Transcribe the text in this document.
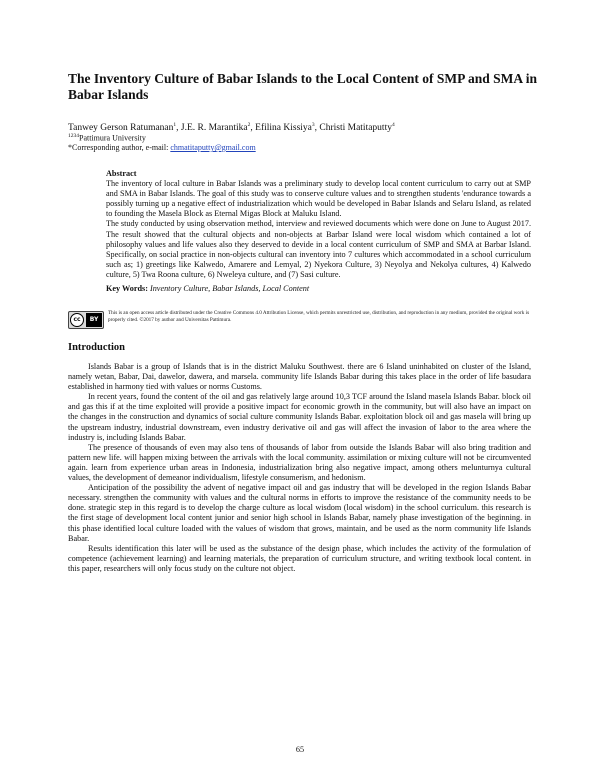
The Inventory Culture of Babar Islands to the Local Content of SMP and SMA in Babar Islands
Tanwey Gerson Ratumanan$^1$, J.E. R. Marantika$^2$, Efilina Kissiya$^3$, Christi Matitaputty$^4$
$^{1234}$Pattimura University
*Corresponding author, e-mail: chmatitaputty@gmail.com
Abstract

The inventory of local culture in Babar Islands was a preliminary study to develop local content curriculum to carry out at SMP and SMA in Babar Islands. The goal of this study was to conserve culture values and to strengthen students 'endurance towards a possibly turning up a negative effect of industrialization which would be developed in Babar Islands and Selaru Island, as related to founding the Masela Block as Eternal Migas Block at Maluku Island.

The study conducted by using observation method, interview and reviewed documents which were done on June to August 2017. The result showed that the cultural objects and non-objects at Barbar Island were local wisdom which contained a lot of philosophy values and life values also they deserved to devide in a local content curriculum of SMP and SMA at Barbar Island. Specifically, on social practice in non-objects cultural can inventory into 7 cultures which accommodated in a school curriculum such as; 1) greetings like Kalwedo, Amarere and Lemyal, 2) Nyekora Culture, 3) Neyolya and Nekolya cultures, 4) Kalwedo culture, 5) Twa Roona culture, 6) Nweleya culture, and (7) Sasi culture.

Key Words: Inventory Culture, Babar Islands, Local Content
cc	BY
This is an open access article distributed under the Creative Commons 4.0 Attribution License, which permits unrestricted use, distribution, and reproduction in any medium, provided the original work is properly cited. ©2017 by author and Universitas Pattimura.
Introduction

Islands Babar is a group of Islands that is in the district Maluku Southwest. there are 6 Island uninhabited on cluster of the Island, namely wetan, Babar, Dai, dawelor, dawera, and marsela. community life Islands Babar during this takes place in the order of life basudara established in harmony tied with values or norms Customs.

In recent years, found the content of the oil and gas relatively large around 10,3 TCF around the Island masela Islands Babar. block oil and gas this if at the time exploited will provide a positive impact for economic growth in the community, but will also have an impact on the changes in the construction and dynamics of social culture community Islands Babar. exploitation block oil and gas masela will bring up the upstream industry, industrial downstream, even industry derivative oil and gas will affect the invasion of labor to the area where the industry is, including Islands Babar.

The presence of thousands of even may also tens of thousands of labor from outside the Islands Babar will also bring tradition and pattern new life. will happen mixing between the arrivals with the local community. assimilation or mixing culture will not be circumvented again. learn from experience urban areas in Indonesia, industrialization bring also negative impact, among others melunturnya cultural values, the development of demeanor individualism, lifestyle consumerism, and hedonism.

Anticipation of the possibility the advent of negative impact oil and gas industry that will be developed in the region Islands Babar necessary. strengthen the community with values and the cultural norms in efforts to improve the resistance of the community needs to be done. strategic step in this regard is to develop the charge culture as local wisdom (local wisdom) in the school curriculum. this research is the first stage of development local content junior and senior high school in Islands Babar, namely phase investigation of the beginning. in this phase identified local culture loaded with the values of wisdom that grows, maintain, and be used as the norm community life Islands Babar.

Results identification this later will be used as the substance of the design phase, which includes the activity of the formulation of competence (achievement learning) and learning materials, the preparation of curriculum structure, and writing textbook local content. in this paper, researchers will only focus study on the culture not object.

65
